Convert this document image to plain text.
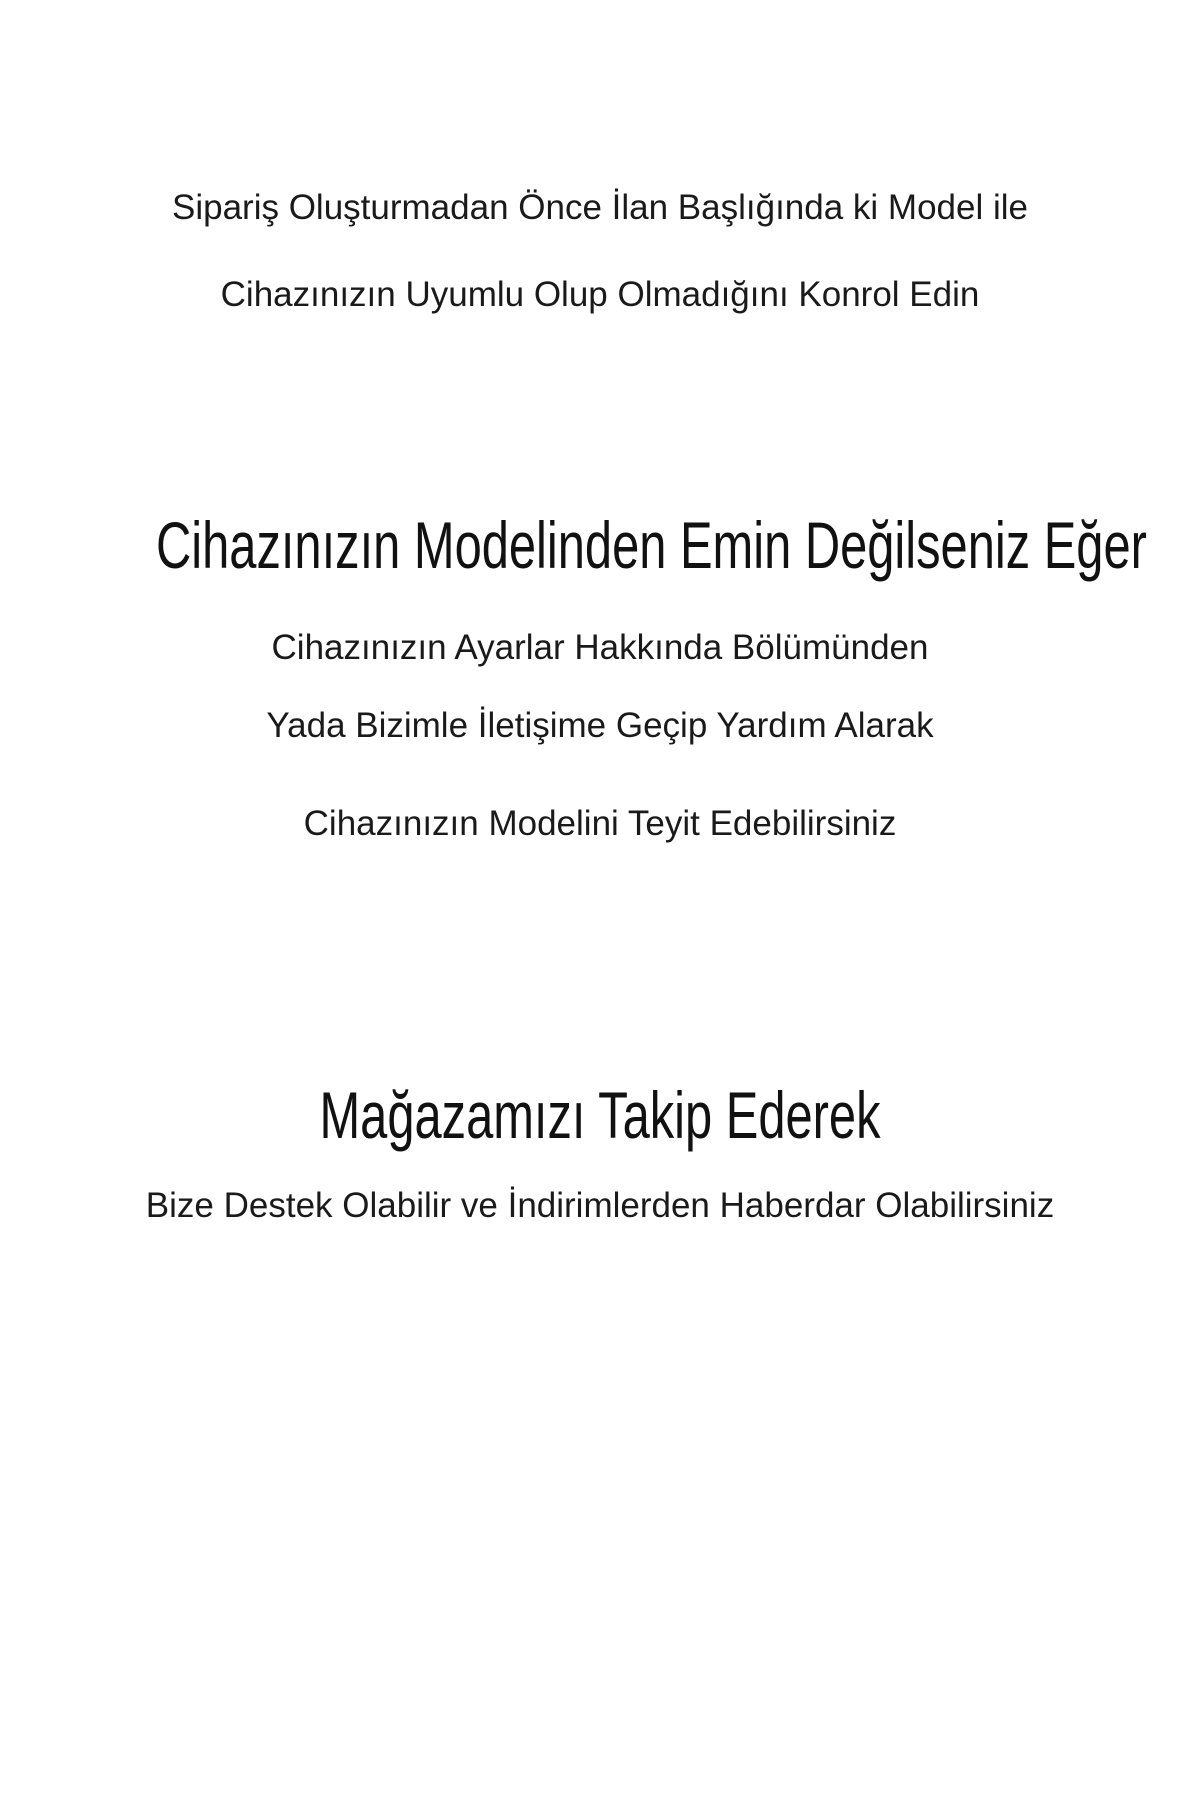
Sipariş Oluşturmadan Önce İlan Başlığında ki Model ile
Cihazınızın Uyumlu Olup Olmadığını Konrol Edin
Cihazınızın Modelinden Emin Değilseniz Eğer
Cihazınızın Ayarlar Hakkında Bölümünden
Yada Bizimle İletişime Geçip Yardım Alarak
Cihazınızın Modelini Teyit Edebilirsiniz
Mağazamızı Takip Ederek
Bize Destek Olabilir ve İndirimlerden Haberdar Olabilirsiniz
